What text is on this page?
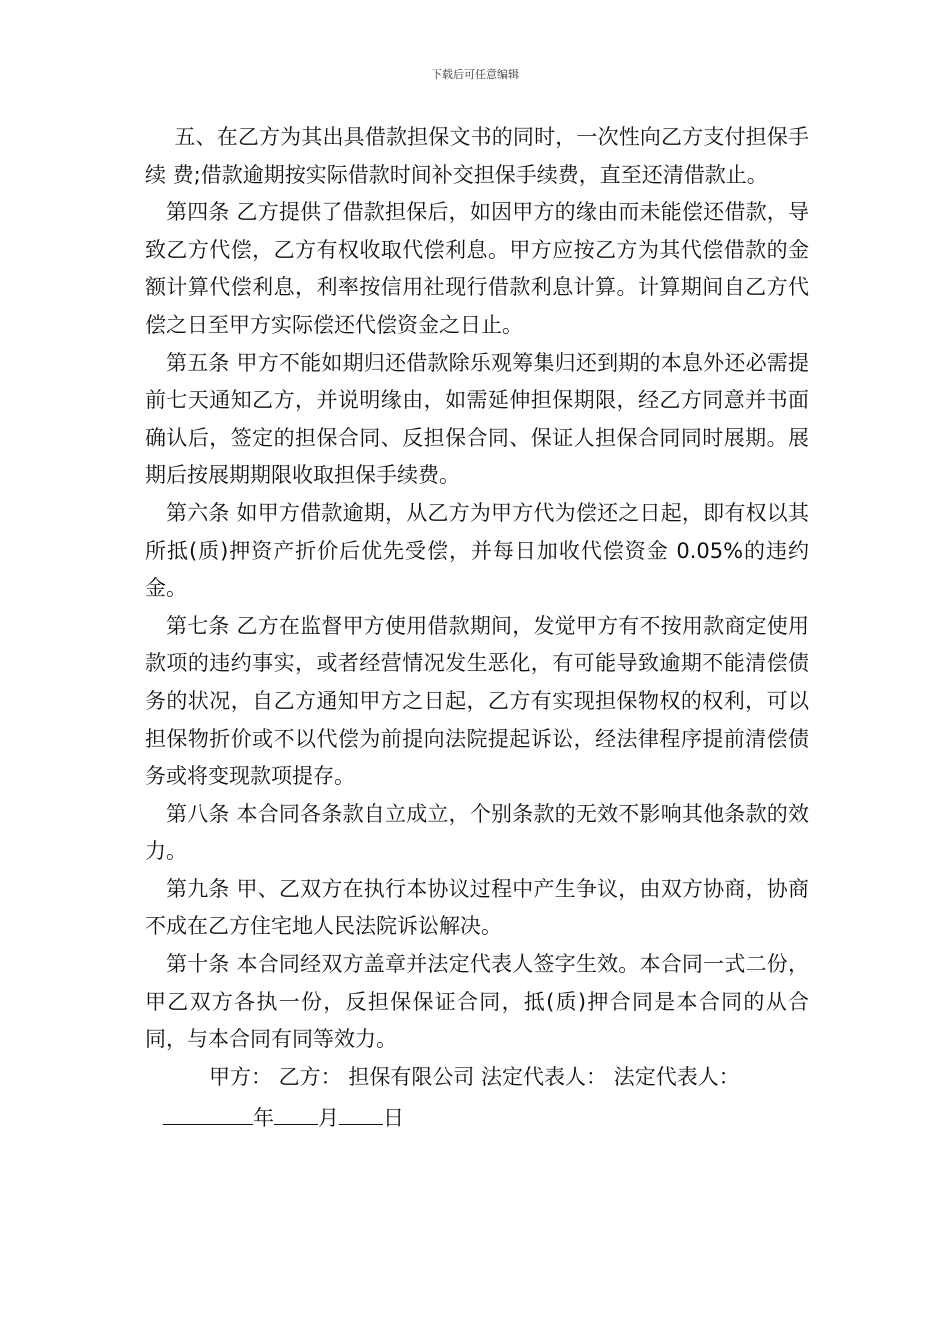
下载后可任意编辑

五、在乙方为其出具借款担保文书的同时，一次性向乙方支付担保手续 费;借款逾期按实际借款时间补交担保手续费，直至还清借款止。

第四条 乙方提供了借款担保后，如因甲方的缘由而未能偿还借款，导致乙方代偿，乙方有权收取代偿利息。甲方应按乙方为其代偿借款的金额计算代偿利息，利率按信用社现行借款利息计算。计算期间自乙方代偿之日至甲方实际偿还代偿资金之日止。

第五条 甲方不能如期归还借款除乐观筹集归还到期的本息外还必需提前七天通知乙方，并说明缘由，如需延伸担保期限，经乙方同意并书面确认后，签定的担保合同、反担保合同、保证人担保合同同时展期。展期后按展期期限收取担保手续费。

第六条 如甲方借款逾期，从乙方为甲方代为偿还之日起，即有权以其所抵(质)押资产折价后优先受偿，并每日加收代偿资金 0.05%的违约金。

第七条 乙方在监督甲方使用借款期间，发觉甲方有不按用款商定使用款项的违约事实，或者经营情况发生恶化，有可能导致逾期不能清偿债务的状况，自乙方通知甲方之日起，乙方有实现担保物权的权利，可以担保物折价或不以代偿为前提向法院提起诉讼，经法律程序提前清偿债务或将变现款项提存。

第八条 本合同各条款自立成立，个别条款的无效不影响其他条款的效力。

第九条 甲、乙双方在执行本协议过程中产生争议，由双方协商，协商不成在乙方住宅地人民法院诉讼解决。

第十条 本合同经双方盖章并法定代表人签字生效。本合同一式二份，甲乙双方各执一份，反担保保证合同，抵(质)押合同是本合同的从合同，与本合同有同等效力。

甲方： 乙方： 担保有限公司 法定代表人： 法定代表人：

年 月 日
